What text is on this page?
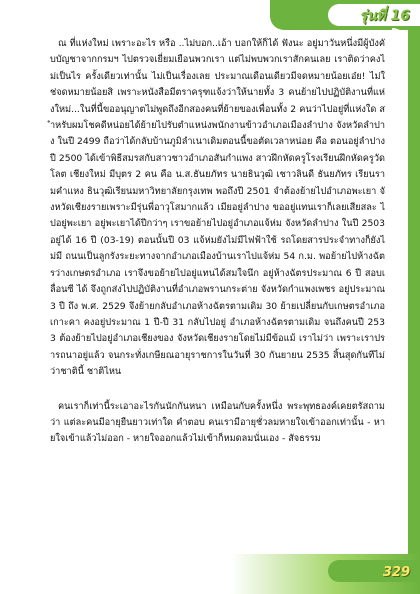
รุ่นที่ 16

ณ ที่แห่งใหม่ เพราะอะไร หรือ ..ไม่บอก..เอ้า บอกให้ก็ได้ ฟังนะ อยู่มาวันหนึ่งมีผู้บังคับบัญชาจากกรมฯ ไปตรวจเยี่ยมเยือนพวกเรา แต่ไม่พบพวกเราสักคนเลย เราติดว่าคงไม่เป็นไร ครั้งเดียวเท่านั้น ไม่เป็นเรื่องเลย ประมาณเดือนเดียวมีจดหมายน้อยเอ๋ย! ไม่ใช่จดหมายน้อยสิ เพราะหนังสือมีตราครุฑแจ้งว่าให้นายทั้ง 3 คนย้ายไปปฏิบัติงานที่แห่งใหม่...ในที่นี้ขออนุญาตไม่พูดถึงอีกสองคนที่ย้ายของเพื่อนทั้ง 2 คนว่าไปอยู่ที่แห่งใด สำหรับผมโชคดีหน่อยได้ย้ายไปรับตำแหน่งพนักงานข้าวอำเภอเมืองลำปาง จังหวัดลำปาง ในปี 2499 ถือว่าได้กลับบ้านภูมิลำเนาเดิมตอนนี้ขอตัดเวลาหน่อย คือ ตอนอยู่ลำปาง ปี 2500 ได้เข้าพิธีสมรสกับสาวชาวอำเภอสันกำแพง สาวฝึกหัดครูโรงเรียนฝึกหัดครูวัดโลต เชียงใหม่ มีบุตร 2 คน คือ น.ส.ธันยภัทร นายธินวุฒิ เชาวลินดี ธันยภัทร เรียนรามคำแหง ธินวุฒิเรียนมหาวิทยาลัยกรุงเทพ พอถึงปี 2501 จำต้องย้ายไปอำเภอพะเยา จังหวัดเชียงรายเพราะมีรุ่นพี่อาวุโสมากแล้ว เมียอยู่ลำปาง ขออยู่แทนเราก็เลยเสียสละ ไปอยู่พะเยา อยู่พะเยาได้ปีกว่าๆ เราขอย้ายไปอยู่อำเภอแจ้ห่ม จังหวัดลำปาง ในปี 2503 อยู่ได้ 16 ปี (03-19) ตอนนั้นปี 03 แจ้ห่มยังไม่มีไฟฟ้าใช้ รถโดยสารประจำทางก็ยังไม่มี ถนนเป็นลูกรังระยะทางจากอำเภอเมืองบ้านเราไปแจ้ห่ม 54 ก.ม. พอย้ายไปห้างฉัตรว่างเกษตรอำเภอ เราจึงขอย้ายไปอยู่แทนได้สมใจนึก อยู่ห้างฉัตรประมาณ 6 ปี สอบเลื่อนซี ได้ จึงถูกส่งไปปฏิบัติงานที่อำเภอพรานกระต่าย จังหวัดกำแพงเพชร อยู่ประมาณ 3 ปี ถึง พ.ศ. 2529 จึงย้ายกลับอำเภอห้างฉัตรตามเดิม 30 ย้ายเปลี่ยนกับเกษตรอำเภอเกาะคา คงอยู่ประมาณ 1 ปี-ปี 31 กลับไปอยู่ อำเภอห้างฉัตรตามเดิม จนถึงคนปี 2533 ต้องย้ายไปอยู่อำเภอเชียงของ จังหวัดเชียงรายโดยไม่มีข้อแม้ เราไม่ว่า เพราะเราปรารถนาอยู่แล้ว จนกระทั่งเกษียณอายุราชการในวันที่ 30 กันยายน 2535 สิ้นสุดกันทีไม่ว่าชาตินี้ ชาติไหน

คนเราก็เท่านี้ระเอาอะไรกันนักกันหนา เหมือนกับครั้งหนึ่ง พระพุทธองค์เคยตรัสถามว่า แต่ละคนมีอายุยืนยาวเท่าใด คำตอบ คนเรามีอายุชั่วลมหายใจเข้าออกเท่านั้น - หายใจเข้าแล้วไม่ออก - หายใจออกแล้วไม่เข้าก็หมดลมนั่นเอง - สัจธรรม

329
